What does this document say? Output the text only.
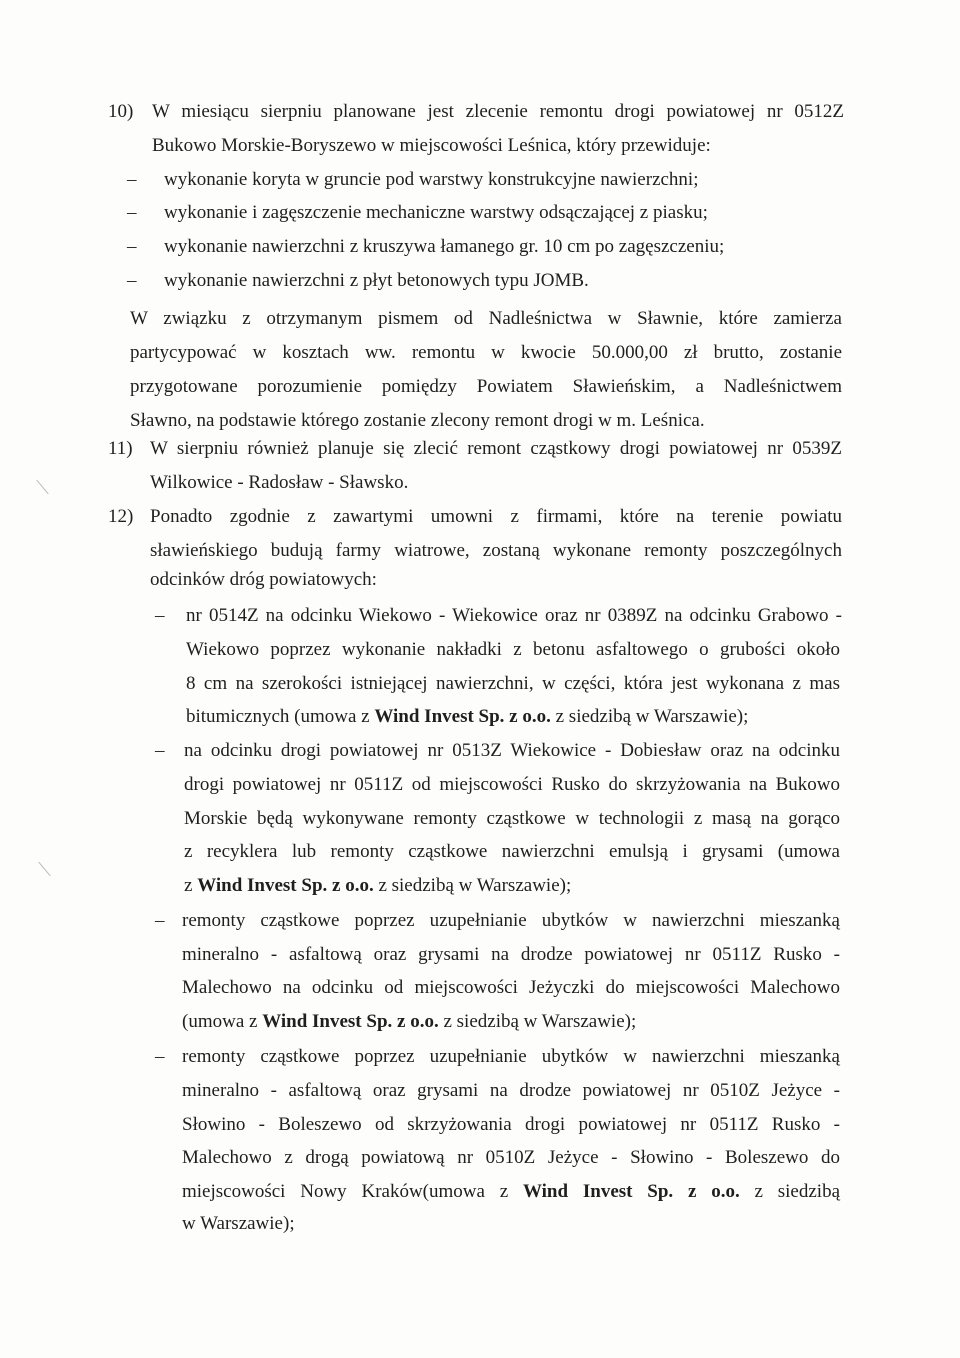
10) W miesiącu sierpniu planowane jest zlecenie remontu drogi powiatowej nr 0512Z
Bukowo Morskie-Boryszewo w miejscowości Leśnica, który przewiduje:
– wykonanie koryta w gruncie pod warstwy konstrukcyjne nawierzchni;
– wykonanie i zagęszczenie mechaniczne warstwy odsączającej z piasku;
– wykonanie nawierzchni z kruszywa łamanego gr. 10 cm po zagęszczeniu;
– wykonanie nawierzchni z płyt betonowych typu JOMB.
W związku z otrzymanym pismem od Nadleśnictwa w Sławnie, które zamierza
partycypować w kosztach ww. remontu w kwocie 50.000,00 zł brutto, zostanie
przygotowane porozumienie pomiędzy Powiatem Sławieńskim, a Nadleśnictwem
Sławno, na podstawie którego zostanie zlecony remont drogi w m. Leśnica.
11) W sierpniu również planuje się zlecić remont cząstkowy drogi powiatowej nr 0539Z
Wilkowice - Radosław - Sławsko.
12) Ponadto zgodnie z zawartymi umowni z firmami, które na terenie powiatu
sławieńskiego budują farmy wiatrowe, zostaną wykonane remonty poszczególnych
odcinków dróg powiatowych:
– nr 0514Z na odcinku Wiekowo - Wiekowice oraz nr 0389Z na odcinku Grabowo -
Wiekowo poprzez wykonanie nakładki z betonu asfaltowego o grubości około
8 cm na szerokości istniejącej nawierzchni, w części, która jest wykonana z mas
bitumicznych (umowa z Wind Invest Sp. z o.o. z siedzibą w Warszawie);
– na odcinku drogi powiatowej nr 0513Z Wiekowice - Dobiesław oraz na odcinku
drogi powiatowej nr 0511Z od miejscowości Rusko do skrzyżowania na Bukowo
Morskie będą wykonywane remonty cząstkowe w technologii z masą na gorąco
z recyklera lub remonty cząstkowe nawierzchni emulsją i grysami (umowa
z Wind Invest Sp. z o.o. z siedzibą w Warszawie);
– remonty cząstkowe poprzez uzupełnianie ubytków w nawierzchni mieszanką
mineralno - asfaltową oraz grysami na drodze powiatowej nr 0511Z Rusko -
Malechowo na odcinku od miejscowości Jeżyczki do miejscowości Malechowo
(umowa z Wind Invest Sp. z o.o. z siedzibą w Warszawie);
– remonty cząstkowe poprzez uzupełnianie ubytków w nawierzchni mieszanką
mineralno - asfaltową oraz grysami na drodze powiatowej nr 0510Z Jeżyce -
Słowino - Boleszewo od skrzyżowania drogi powiatowej nr 0511Z Rusko -
Malechowo z drogą powiatową nr 0510Z Jeżyce - Słowino - Boleszewo do
miejscowości Nowy Kraków(umowa z Wind Invest Sp. z o.o. z siedzibą
w Warszawie);
